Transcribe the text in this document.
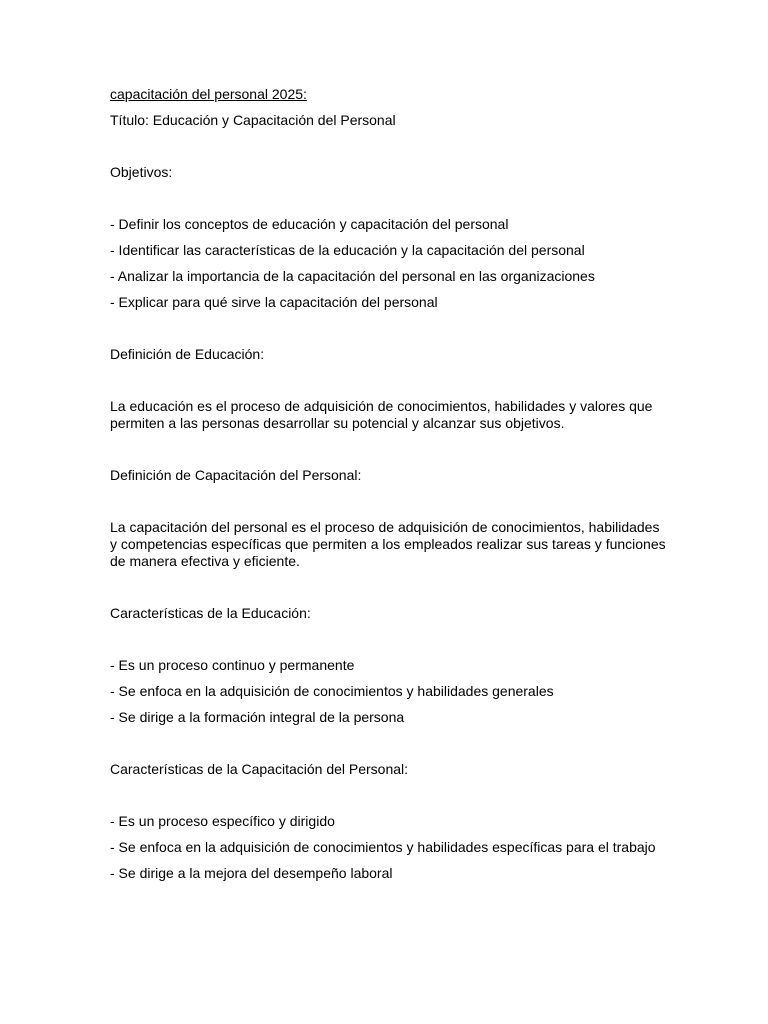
capacitación del personal 2025:

Título: Educación y Capacitación del Personal

Objetivos:

- Definir los conceptos de educación y capacitación del personal

- Identificar las características de la educación y la capacitación del personal

- Analizar la importancia de la capacitación del personal en las organizaciones

- Explicar para qué sirve la capacitación del personal

Definición de Educación:

La educación es el proceso de adquisición de conocimientos, habilidades y valores que permiten a las personas desarrollar su potencial y alcanzar sus objetivos.

Definición de Capacitación del Personal:

La capacitación del personal es el proceso de adquisición de conocimientos, habilidades y competencias específicas que permiten a los empleados realizar sus tareas y funciones de manera efectiva y eficiente.

Características de la Educación:

- Es un proceso continuo y permanente

- Se enfoca en la adquisición de conocimientos y habilidades generales

- Se dirige a la formación integral de la persona

Características de la Capacitación del Personal:

- Es un proceso específico y dirigido

- Se enfoca en la adquisición de conocimientos y habilidades específicas para el trabajo

- Se dirige a la mejora del desempeño laboral
